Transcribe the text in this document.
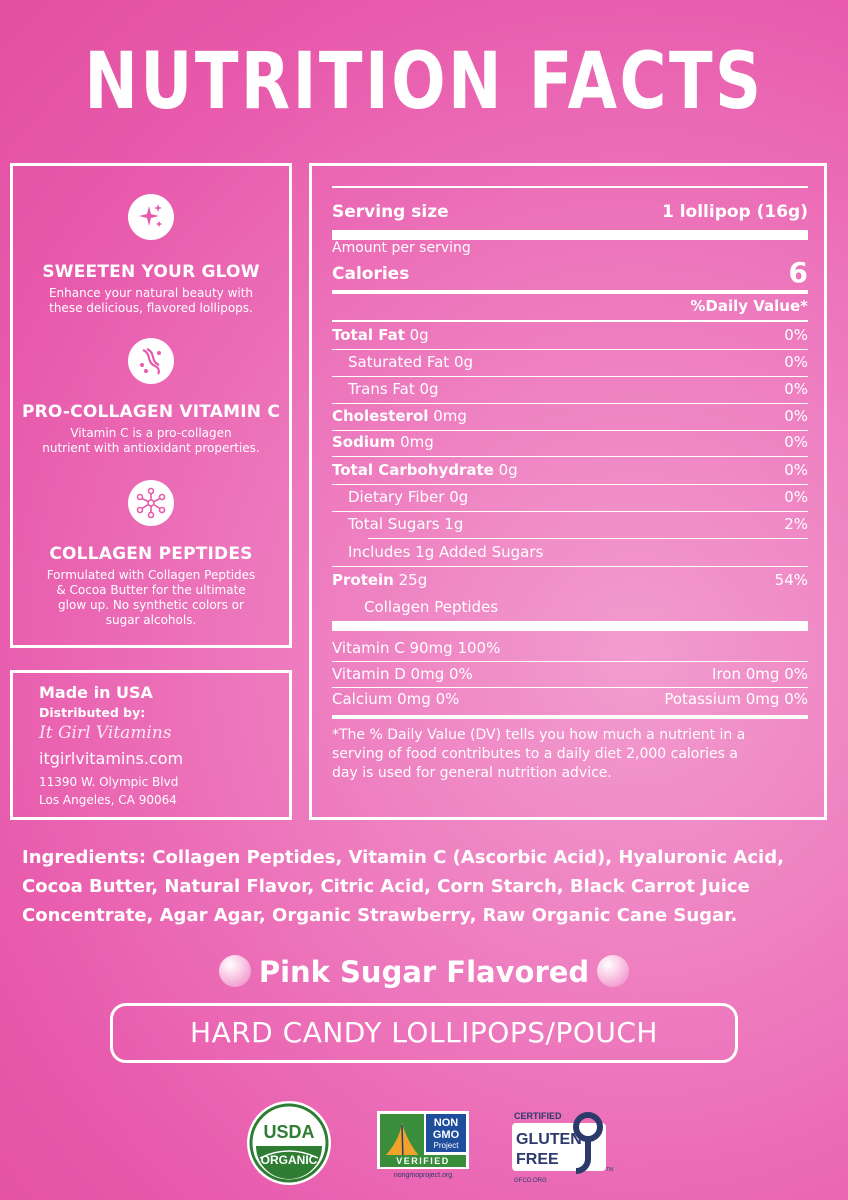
NUTRITION FACTS
SWEETEN YOUR GLOW
Enhance your natural beauty with
these delicious, flavored lollipops.
PRO-COLLAGEN VITAMIN C
Vitamin C is a pro-collagen
nutrient with antioxidant properties.
COLLAGEN PEPTIDES
Formulated with Collagen Peptides
& Cocoa Butter for the ultimate
glow up. No synthetic colors or
sugar alcohols.
Made in USA
Distributed by:
It Girl Vitamins
itgirlvitamins.com
11390 W. Olympic Blvd
Los Angeles, CA 90064
Serving size	1 lollipop (16g)
Amount per serving
Calories	6
%Daily Value*
Total Fat 0g	0%
Saturated Fat 0g	0%
Trans Fat 0g	0%
Cholesterol 0mg	0%
Sodium 0mg	0%
Total Carbohydrate 0g	0%
Dietary Fiber 0g	0%
Total Sugars 1g	2%
Includes 1g Added Sugars
Protein 25g	54%
Collagen Peptides
Vitamin C 90mg 100%
Vitamin D 0mg 0%	Iron 0mg 0%
Calcium 0mg 0%	Potassium 0mg 0%
*The % Daily Value (DV) tells you how much a nutrient in a
serving of food contributes to a daily diet 2,000 calories a
day is used for general nutrition advice.
Ingredients: Collagen Peptides, Vitamin C (Ascorbic Acid), Hyaluronic Acid,
Cocoa Butter, Natural Flavor, Citric Acid, Corn Starch, Black Carrot Juice
Concentrate, Agar Agar, Organic Strawberry, Raw Organic Cane Sugar.
Pink Sugar Flavored
HARD CANDY LOLLIPOPS/POUCH
USDA
ORGANIC
NON
GMO
Project
VERIFIED
nongmoproject.org
CERTIFIED
GLUTEN
FREE
TM
GFCO.ORG
